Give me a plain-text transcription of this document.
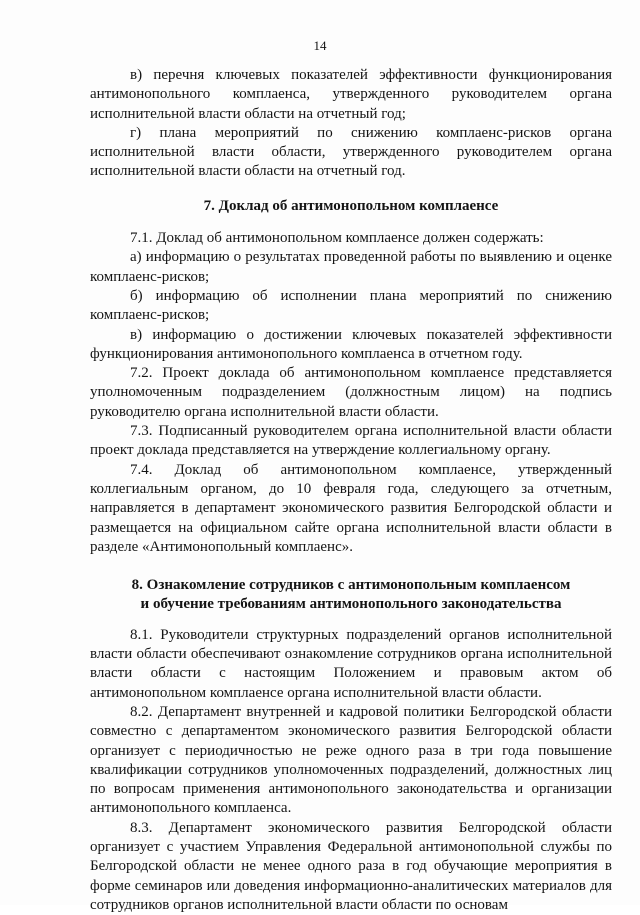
14

в) перечня ключевых показателей эффективности функционирования антимонопольного комплаенса, утвержденного руководителем органа исполнительной власти области на отчетный год;

г) плана мероприятий по снижению комплаенс-рисков органа исполнительной власти области, утвержденного руководителем органа исполнительной власти области на отчетный год.

7. Доклад об антимонопольном комплаенсе

7.1. Доклад об антимонопольном комплаенсе должен содержать:

а) информацию о результатах проведенной работы по выявлению и оценке комплаенс-рисков;

б) информацию об исполнении плана мероприятий по снижению комплаенс-рисков;

в) информацию о достижении ключевых показателей эффективности функционирования антимонопольного комплаенса в отчетном году.

7.2. Проект доклада об антимонопольном комплаенсе представляется уполномоченным подразделением (должностным лицом) на подпись руководителю органа исполнительной власти области.

7.3. Подписанный руководителем органа исполнительной власти области проект доклада представляется на утверждение коллегиальному органу.

7.4. Доклад об антимонопольном комплаенсе, утвержденный коллегиальным органом, до 10 февраля года, следующего за отчетным, направляется в департамент экономического развития Белгородской области и размещается на официальном сайте органа исполнительной власти области в разделе «Антимонопольный комплаенс».

8. Ознакомление сотрудников с антимонопольным комплаенсом
и обучение требованиям антимонопольного законодательства

8.1. Руководители структурных подразделений органов исполнительной власти области обеспечивают ознакомление сотрудников органа исполнительной власти области с настоящим Положением и правовым актом об антимонопольном комплаенсе органа исполнительной власти области.

8.2. Департамент внутренней и кадровой политики Белгородской области совместно с департаментом экономического развития Белгородской области организует с периодичностью не реже одного раза в три года повышение квалификации сотрудников уполномоченных подразделений, должностных лиц по вопросам применения антимонопольного законодательства и организации антимонопольного комплаенса.

8.3. Департамент экономического развития Белгородской области организует с участием Управления Федеральной антимонопольной службы по Белгородской области не менее одного раза в год обучающие мероприятия в форме семинаров или доведения информационно-аналитических материалов для сотрудников органов исполнительной власти области по основам
